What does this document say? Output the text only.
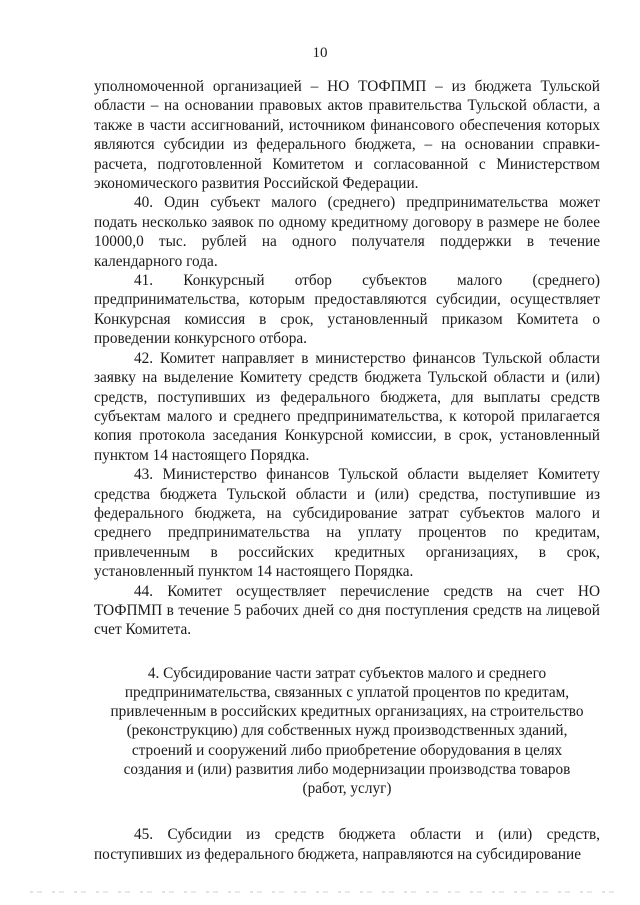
10

уполномоченной организацией – НО ТОФПМП – из бюджета Тульской области – на основании правовых актов правительства Тульской области, а также в части ассигнований, источником финансового обеспечения которых являются субсидии из федерального бюджета, – на основании справки-расчета, подготовленной Комитетом и согласованной с Министерством экономического развития Российской Федерации.

40. Один субъект малого (среднего) предпринимательства может подать несколько заявок по одному кредитному договору в размере не более 10000,0 тыс. рублей на одного получателя поддержки в течение календарного года.

41. Конкурсный отбор субъектов малого (среднего) предпринимательства, которым предоставляются субсидии, осуществляет Конкурсная комиссия в срок, установленный приказом Комитета о проведении конкурсного отбора.

42. Комитет направляет в министерство финансов Тульской области заявку на выделение Комитету средств бюджета Тульской области и (или) средств, поступивших из федерального бюджета, для выплаты средств субъектам малого и среднего предпринимательства, к которой прилагается копия протокола заседания Конкурсной комиссии, в срок, установленный пунктом 14 настоящего Порядка.

43. Министерство финансов Тульской области выделяет Комитету средства бюджета Тульской области и (или) средства, поступившие из федерального бюджета, на субсидирование затрат субъектов малого и среднего предпринимательства на уплату процентов по кредитам, привлеченным в российских кредитных организациях, в срок, установленный пунктом 14 настоящего Порядка.

44. Комитет осуществляет перечисление средств на счет НО ТОФПМП в течение 5 рабочих дней со дня поступления средств на лицевой счет Комитета.

4. Субсидирование части затрат субъектов малого и среднего предпринимательства, связанных с уплатой процентов по кредитам, привлеченным в российских кредитных организациях, на строительство (реконструкцию) для собственных нужд производственных зданий, строений и сооружений либо приобретение оборудования в целях создания и (или) развития либо модернизации производства товаров (работ, услуг)

45. Субсидии из средств бюджета области и (или) средств, поступивших из федерального бюджета, направляются на субсидирование
